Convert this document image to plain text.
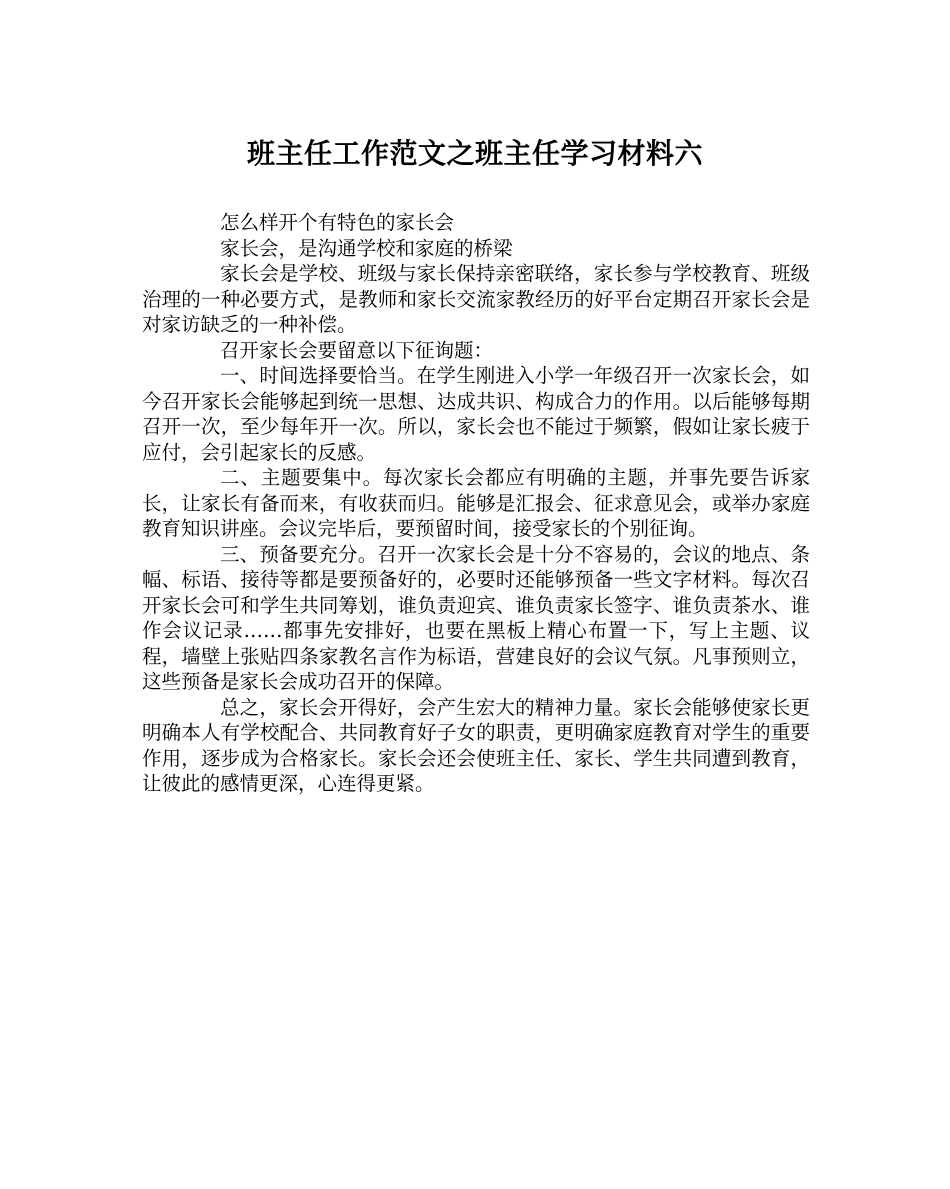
班主任工作范文之班主任学习材料六

怎么样开个有特色的家长会

家长会，是沟通学校和家庭的桥梁

家长会是学校、班级与家长保持亲密联络，家长参与学校教育、班级治理的一种必要方式，是教师和家长交流家教经历的好平台定期召开家长会是对家访缺乏的一种补偿。

召开家长会要留意以下征询题：

一、时间选择要恰当。在学生刚进入小学一年级召开一次家长会，如今召开家长会能够起到统一思想、达成共识、构成合力的作用。以后能够每期召开一次，至少每年开一次。所以，家长会也不能过于频繁，假如让家长疲于应付，会引起家长的反感。

二、主题要集中。每次家长会都应有明确的主题，并事先要告诉家长，让家长有备而来，有收获而归。能够是汇报会、征求意见会，或举办家庭教育知识讲座。会议完毕后，要预留时间，接受家长的个别征询。

三、预备要充分。召开一次家长会是十分不容易的，会议的地点、条幅、标语、接待等都是要预备好的，必要时还能够预备一些文字材料。每次召开家长会可和学生共同筹划，谁负责迎宾、谁负责家长签字、谁负责茶水、谁作会议记录……都事先安排好，也要在黑板上精心布置一下，写上主题、议程，墙壁上张贴四条家教名言作为标语，营建良好的会议气氛。凡事预则立，这些预备是家长会成功召开的保障。

总之，家长会开得好，会产生宏大的精神力量。家长会能够使家长更明确本人有学校配合、共同教育好子女的职责，更明确家庭教育对学生的重要作用，逐步成为合格家长。家长会还会使班主任、家长、学生共同遭到教育，让彼此的感情更深，心连得更紧。
